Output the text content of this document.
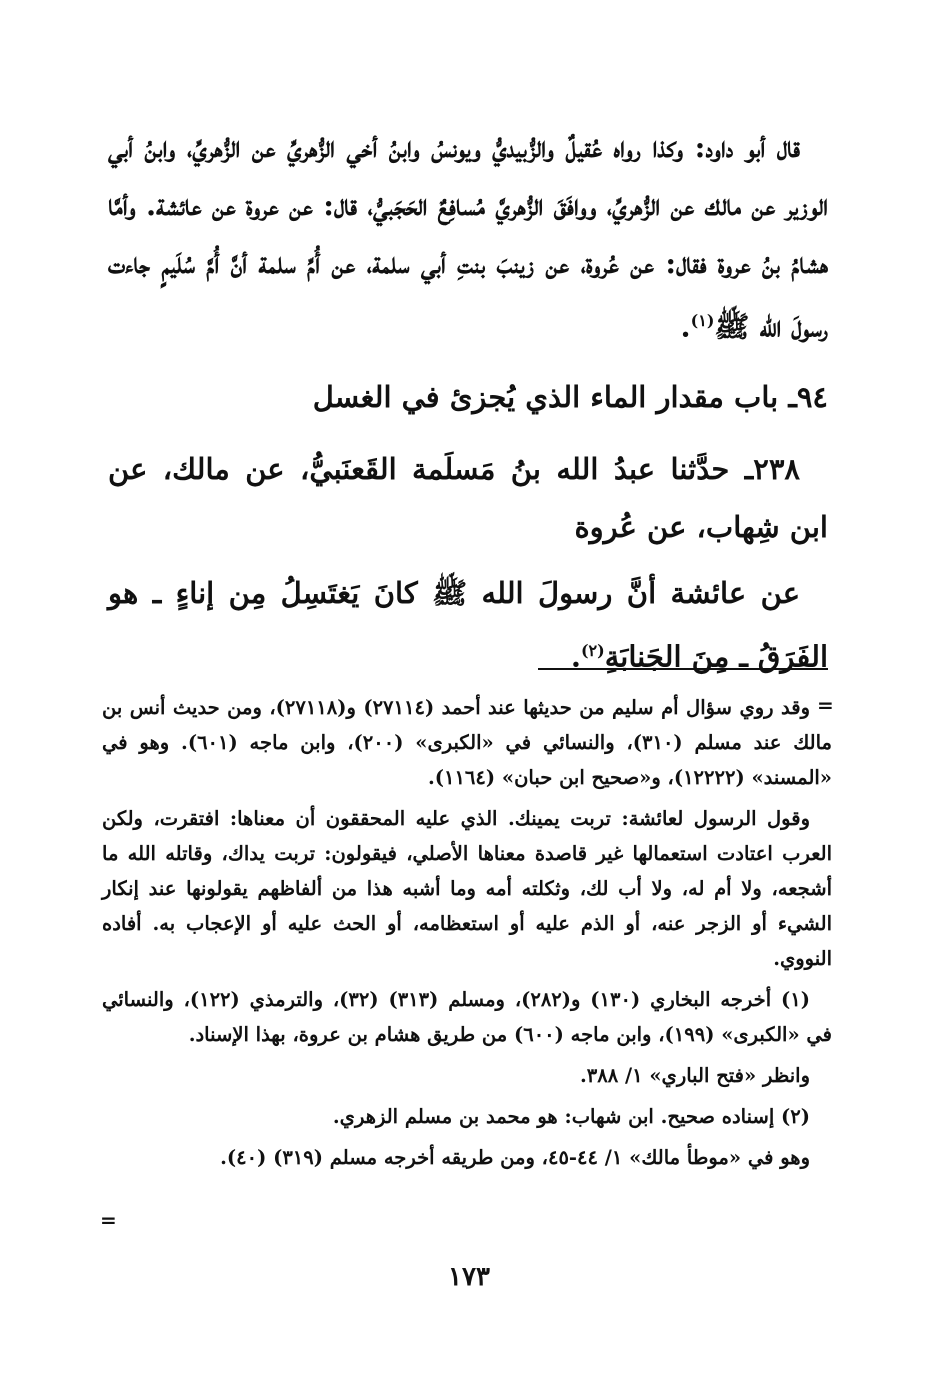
قال أبو داود: وكذا رواه عُقيلٌ والزُّبيديُّ ويونسُ وابنُ أخي الزُّهريِّ عن الزُّهريِّ، وابنُ أبي الوزير عن مالك عن الزُّهريِّ، ووافَقَ الزُّهريَّ مُسافِعٌ الحَجَبيُّ، قال: عن عروة عن عائشة. وأمَّا هشامُ بنُ عروة فقال: عن عُروة، عن زينبَ بنتِ أبي سلمة، عن أُمِّ سلمة أنَّ أُمَّ سُلَيمٍ جاءت رسولَ الله ﷺ$^{(١)}$.

٩٤ـ باب مقدار الماء الذي يُجزئ في الغسل

٢٣٨ـ حدَّثنا عبدُ الله بنُ مَسلَمة القَعنَبيُّ، عن مالك، عن ابن شِهاب، عن عُروة

عن عائشة أنَّ رسولَ الله ﷺ كانَ يَغتَسِلُ مِن إناءٍ ـ هو الفَرَقُ ـ مِنَ الجَنابَةِ$^{(٢)}$.

=

وقد روي سؤال أم سليم من حديثها عند أحمد (٢٧١١٤) و(٢٧١١٨)، ومن حديث أنس بن مالك عند مسلم (٣١٠)، والنسائي في «الكبرى» (٢٠٠)، وابن ماجه (٦٠١). وهو في «المسند» (١٢٢٢٢)، و«صحيح ابن حبان» (١١٦٤).

وقول الرسول لعائشة: تربت يمينك. الذي عليه المحققون أن معناها: افتقرت، ولكن العرب اعتادت استعمالها غير قاصدة معناها الأصلي، فيقولون: تربت يداك، وقاتله الله ما أشجعه، ولا أم له، ولا أب لك، وثكلته أمه وما أشبه هذا من ألفاظهم يقولونها عند إنكار الشيء أو الزجر عنه، أو الذم عليه أو استعظامه، أو الحث عليه أو الإعجاب به. أفاده النووي.

(١) أخرجه البخاري (١٣٠) و(٢٨٢)، ومسلم (٣١٣) (٣٢)، والترمذي (١٢٢)، والنسائي في «الكبرى» (١٩٩)، وابن ماجه (٦٠٠) من طريق هشام بن عروة، بهذا الإسناد.

وانظر «فتح الباري» ١/ ٣٨٨.

(٢) إسناده صحيح. ابن شهاب: هو محمد بن مسلم الزهري.

وهو في «موطأ مالك» ١/ ٤٤-٤٥، ومن طريقه أخرجه مسلم (٣١٩) (٤٠).

=
١٧٣
